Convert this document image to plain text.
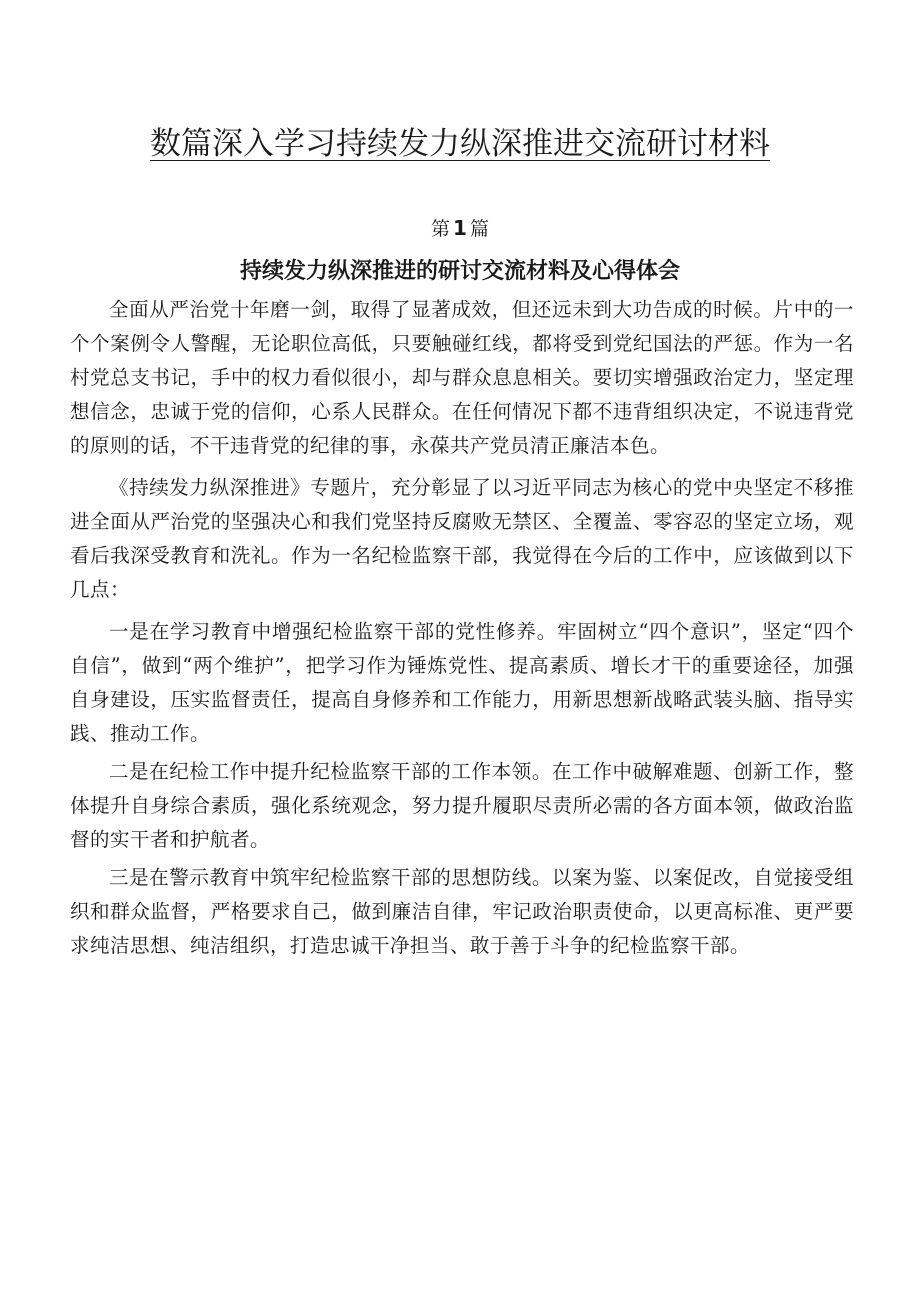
数篇深入学习持续发力纵深推进交流研讨材料
第 1 篇
持续发力纵深推进的研讨交流材料及心得体会

全面从严治党十年磨一剑，取得了显著成效，但还远未到大功告成的时候。片中的一个个案例令人警醒，无论职位高低，只要触碰红线，都将受到党纪国法的严惩。作为一名村党总支书记，手中的权力看似很小，却与群众息息相关。要切实增强政治定力，坚定理想信念，忠诚于党的信仰，心系人民群众。在任何情况下都不违背组织决定，不说违背党的原则的话，不干违背党的纪律的事，永葆共产党员清正廉洁本色。

《持续发力纵深推进》专题片，充分彰显了以习近平同志为核心的党中央坚定不移推进全面从严治党的坚强决心和我们党坚持反腐败无禁区、全覆盖、零容忍的坚定立场，观看后我深受教育和洗礼。作为一名纪检监察干部，我觉得在今后的工作中，应该做到以下几点：

一是在学习教育中增强纪检监察干部的党性修养。牢固树立“四个意识”，坚定“四个自信”，做到“两个维护”，把学习作为锤炼党性、提高素质、增长才干的重要途径，加强自身建设，压实监督责任，提高自身修养和工作能力，用新思想新战略武装头脑、指导实践、推动工作。

二是在纪检工作中提升纪检监察干部的工作本领。在工作中破解难题、创新工作，整体提升自身综合素质，强化系统观念，努力提升履职尽责所必需的各方面本领，做政治监督的实干者和护航者。

三是在警示教育中筑牢纪检监察干部的思想防线。以案为鉴、以案促改，自觉接受组织和群众监督，严格要求自己，做到廉洁自律，牢记政治职责使命，以更高标准、更严要求纯洁思想、纯洁组织，打造忠诚干净担当、敢于善于斗争的纪检监察干部。
